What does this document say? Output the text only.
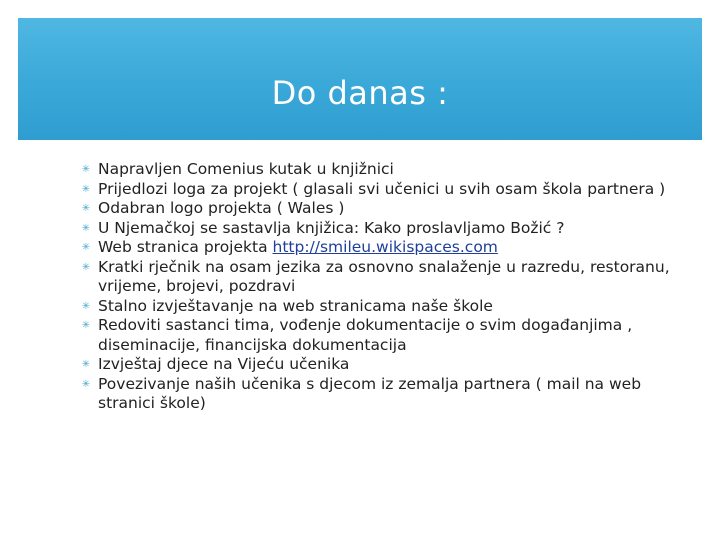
Do danas :
✳ Napravljen Comenius kutak u knjižnici
✳ Prijedlozi loga za projekt ( glasali svi učenici u svih osam škola partnera )
✳ Odabran logo projekta ( Wales )
✳ U Njemačkoj se sastavlja knjižica: Kako proslavljamo Božić ?
✳ Web stranica projekta http://smileu.wikispaces.com
✳ Kratki rječnik na osam jezika za osnovno snalaženje u razredu, restoranu, vrijeme, brojevi, pozdravi
✳ Stalno izvještavanje na web stranicama naše škole
✳ Redoviti sastanci tima, vođenje dokumentacije o svim događanjima , diseminacije, financijska dokumentacija
✳ Izvještaj djece na Vijeću učenika
✳ Povezivanje naših učenika s djecom iz zemalja partnera ( mail na web stranici škole)
